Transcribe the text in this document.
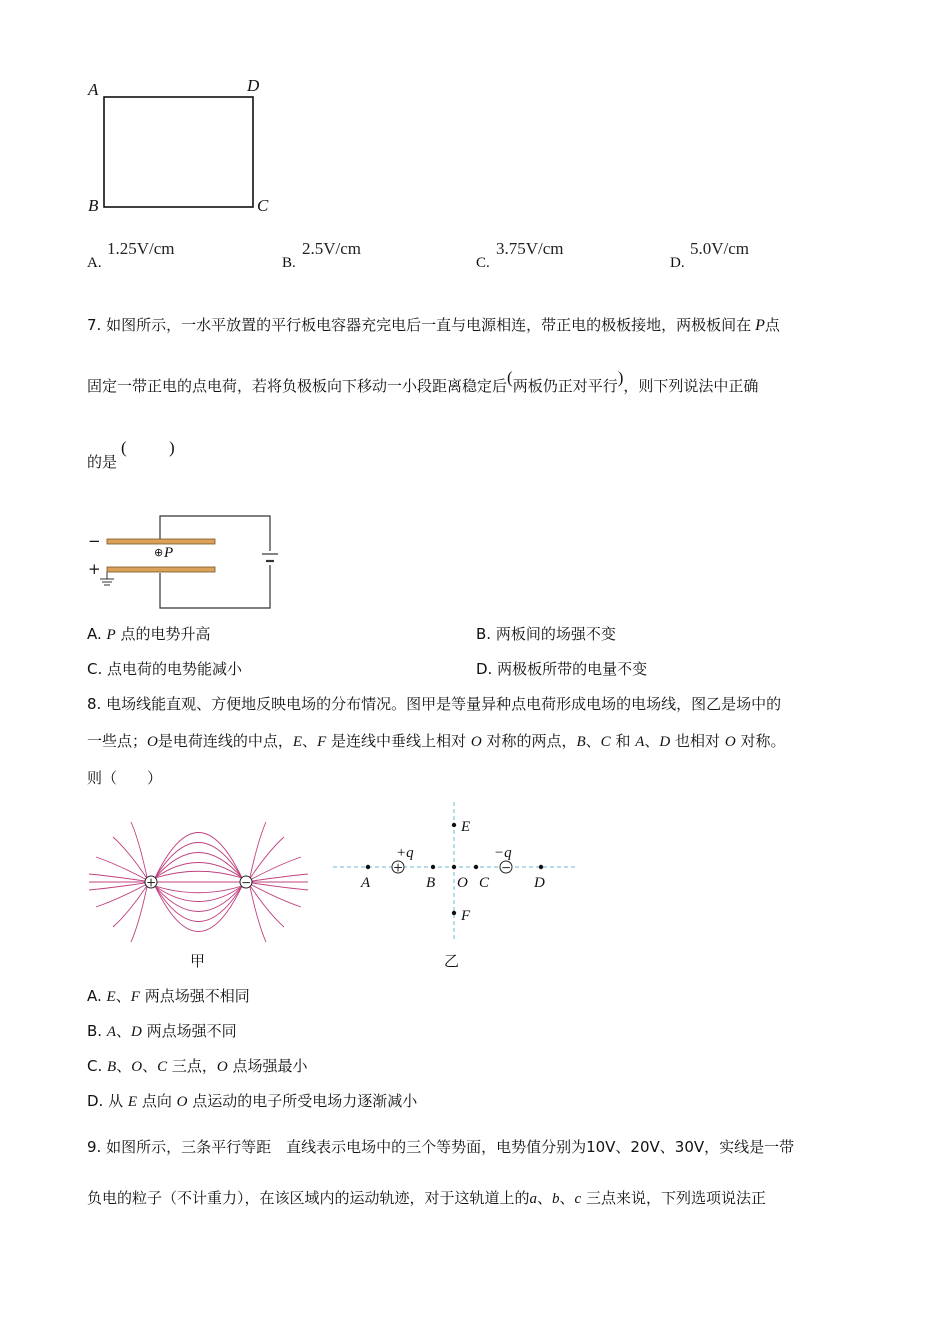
A	D
B	C
A.
1.25V/cm
B.
2.5V/cm
C.
3.75V/cm
D.
5.0V/cm
7. 如图所示，一水平放置的平行板电容器充完电后一直与电源相连，带正电的极板接地，两极板间在 P点
固定一带正电的点电荷，若将负极板向下移动一小段距离稳定后(两板仍正对平行)，则下列说法中正确
的是
( )
−
+
⊕ P
A. P 点的电势升高	B. 两板间的场强不变
C. 点电荷的电势能减小	D. 两极板所带的电量不变
8. 电场线能直观、方便地反映电场的分布情况。图甲是等量异种点电荷形成电场的电场线，图乙是场中的
一些点；O是电荷连线的中点，E、F 是连线中垂线上相对 O 对称的两点，B、C 和 A、D 也相对 O 对称。
则（　　）
+	−
甲
+	−
A	B O C	D
E
F
+q	−q
乙
A. E、F 两点场强不相同
B. A、D 两点场强不同
C. B、O、C 三点，O 点场强最小
D. 从 E 点向 O 点运动的电子所受电场力逐渐减小
9. 如图所示，三条平行等距　直线表示电场中的三个等势面，电势值分别为10V、20V、30V，实线是一带
负电的粒子（不计重力），在该区域内的运动轨迹，对于这轨道上的a、b、c 三点来说，下列选项说法正
